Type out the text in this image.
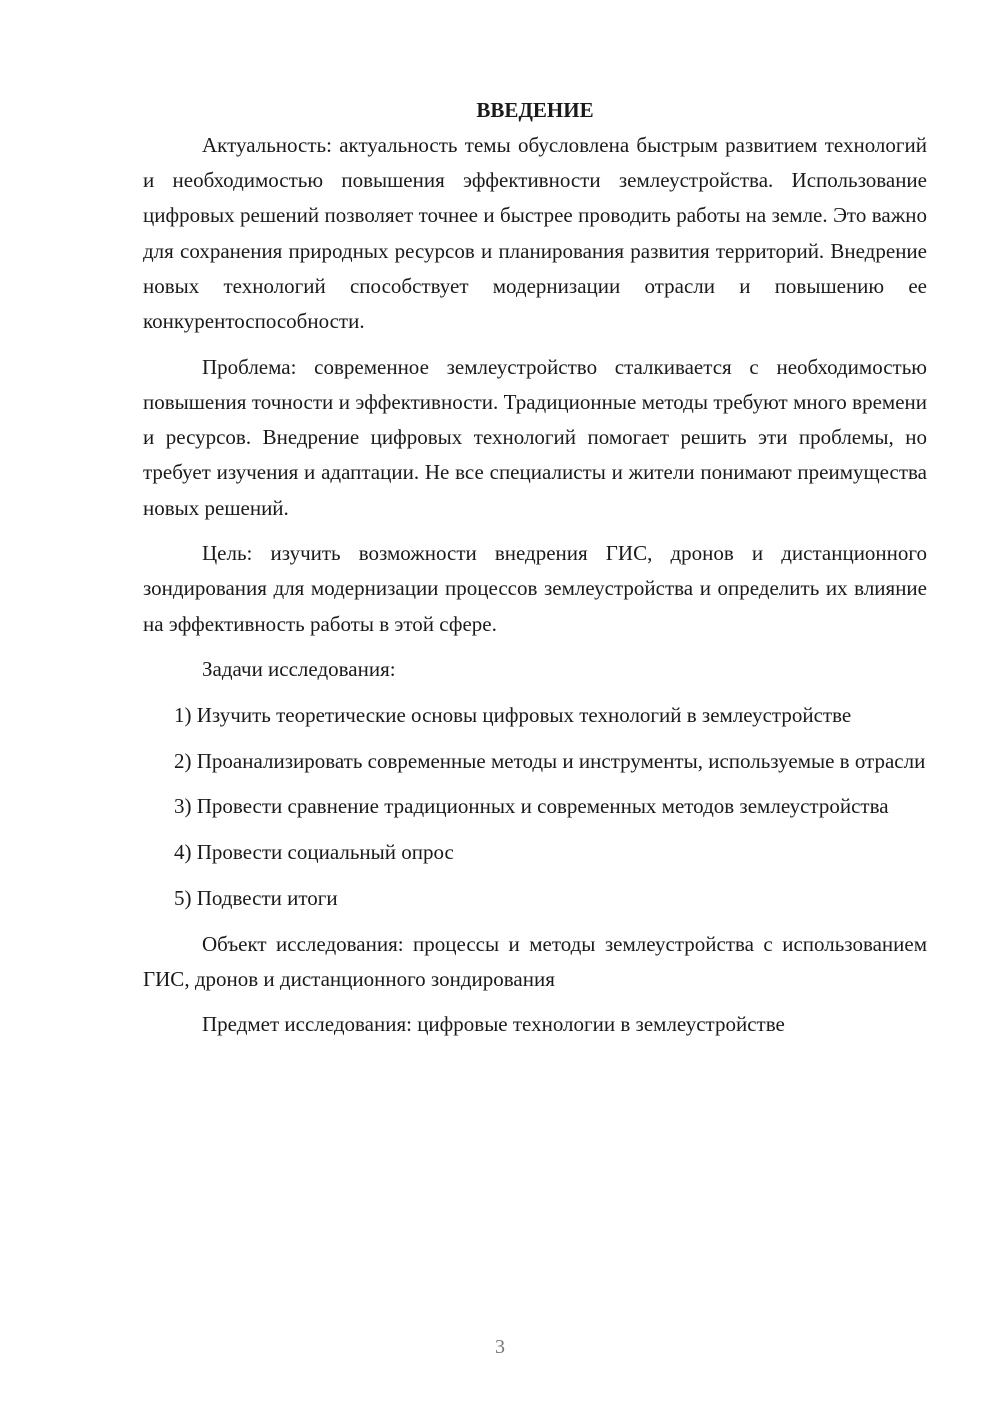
ВВЕДЕНИЕ

Актуальность: актуальность темы обусловлена быстрым развитием технологий и необходимостью повышения эффективности землеустройства. Использование цифровых решений позволяет точнее и быстрее проводить работы на земле. Это важно для сохранения природных ресурсов и планирования развития территорий. Внедрение новых технологий способствует модернизации отрасли и повышению ее конкурентоспособности.

Проблема: современное землеустройство сталкивается с необходимостью повышения точности и эффективности. Традиционные методы требуют много времени и ресурсов. Внедрение цифровых технологий помогает решить эти проблемы, но требует изучения и адаптации. Не все специалисты и жители понимают преимущества новых решений.

Цель: изучить возможности внедрения ГИС, дронов и дистанционного зондирования для модернизации процессов землеустройства и определить их влияние на эффективность работы в этой сфере.

Задачи исследования:

1) Изучить теоретические основы цифровых технологий в землеустройстве

2) Проанализировать современные методы и инструменты, используемые в отрасли

3) Провести сравнение традиционных и современных методов землеустройства

4) Провести социальный опрос

5) Подвести итоги

Объект исследования: процессы и методы землеустройства с использованием ГИС, дронов и дистанционного зондирования

Предмет исследования: цифровые технологии в землеустройстве

3
